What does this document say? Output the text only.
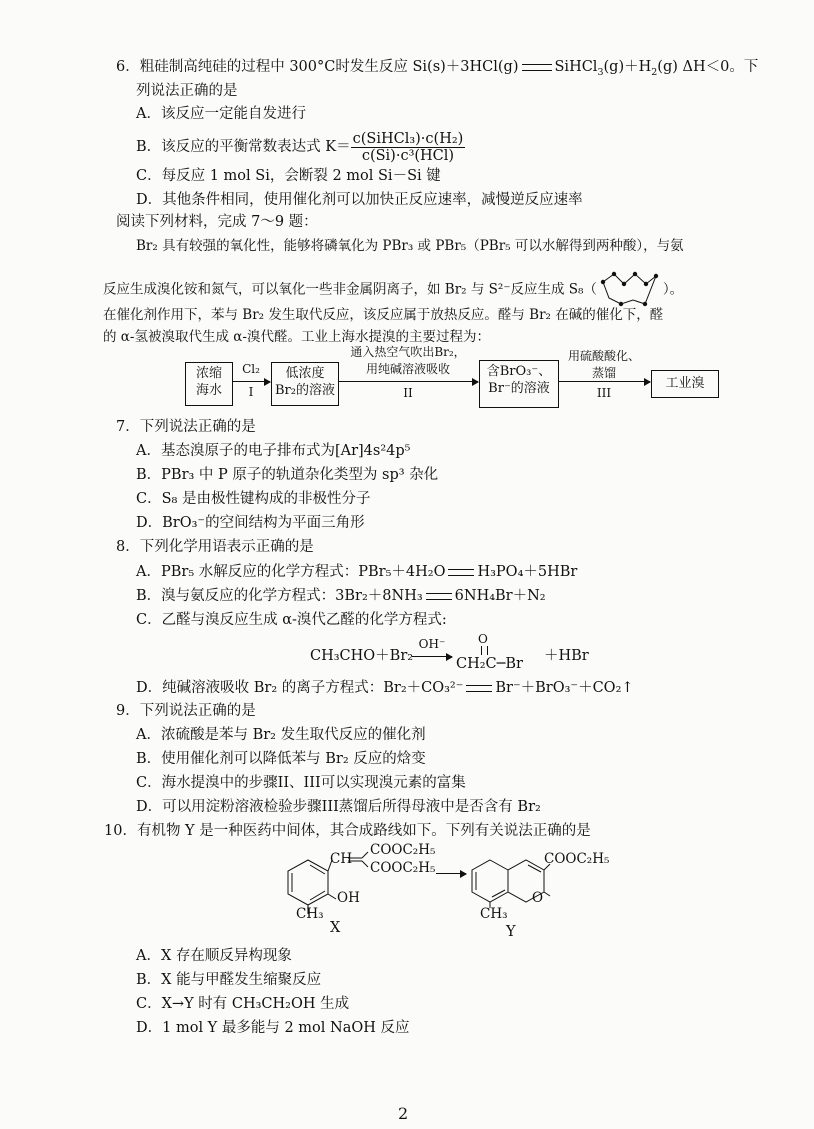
6．粗硅制高纯硅的过程中 300°C时发生反应 Si(s)＋3HCl(g) $SiHCl_3(g)+H_2(g)$ ΔH＜0。下
列说法正确的是
A．该反应一定能自发进行
B．该反应的平衡常数表达式 $K= \frac{\text{c(SiHCl₃)·c(H₂)}}{\text{c(Si)·c³(HCl)}}$
C．每反应 1 mol Si，会断裂 2 mol Si－Si 键
D．其他条件相同，使用催化剂可以加快正反应速率，减慢逆反应速率
阅读下列材料，完成 7～9 题：
Br₂ 具有较强的氧化性，能够将磷氧化为 PBr₃ 或 PBr₅（PBr₅ 可以水解得到两种酸），与氨
反应生成溴化铵和氮气，可以氧化一些非金属阴离子，如 Br₂ 与 S²⁻反应生成 S₈（	）。
在催化剂作用下，苯与 Br₂ 发生取代反应，该反应属于放热反应。醛与 Br₂ 在碱的催化下，醛
的 α-氢被溴取代生成 α-溴代醛。工业上海水提溴的主要过程为：
浓缩
海水
Cl₂
I
低浓度
Br₂的溶液
通入热空气吹出Br₂，
用纯碱溶液吸收
II
含BrO₃⁻、
Br⁻的溶液
用硫酸酸化、
蒸馏
III
工业溴
7．下列说法正确的是
A．基态溴原子的电子排布式为[Ar]4s²4p⁵
B．PBr₃ 中 P 原子的轨道杂化类型为 sp³ 杂化
C．S₈ 是由极性键构成的非极性分子
D．BrO₃⁻的空间结构为平面三角形
8．下列化学用语表示正确的是
A．PBr₅ 水解反应的化学方程式：PBr₅＋4H₂O H₃PO₄＋5HBr
B．溴与氨反应的化学方程式：3Br₂＋8NH₃ 6NH₄Br＋N₂
C．乙醛与溴反应生成 α-溴代乙醛的化学方程式:
CH₃CHO＋Br₂
OH⁻	O
CH₂C─Br ＋HBr
D．纯碱溶液吸收 Br₂ 的离子方程式：Br₂＋CO₃²⁻ Br⁻＋BrO₃⁻＋CO₂↑
9．下列说法正确的是
A．浓硫酸是苯与 Br₂ 发生取代反应的催化剂
B．使用催化剂可以降低苯与 Br₂ 反应的焓变
C．海水提溴中的步骤II、III可以实现溴元素的富集
D．可以用淀粉溶液检验步骤III蒸馏后所得母液中是否含有 Br₂
10．有机物 Y 是一种医药中间体，其合成路线如下。下列有关说法正确的是
CH
COOC₂H₅
COOC₂H₅
OH
CH₃
X
COOC₂H₅
O
CH₃
Y
A．X 存在顺反异构现象
B．X 能与甲醛发生缩聚反应
C．X→Y 时有 CH₃CH₂OH 生成
D．1 mol Y 最多能与 2 mol NaOH 反应
2
